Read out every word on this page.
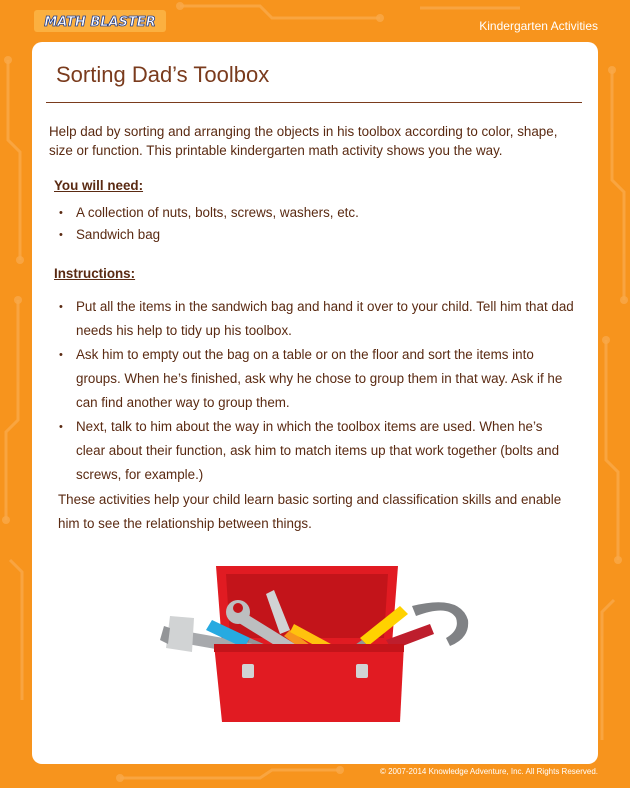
MATH BLASTER	Kindergarten Activities
Sorting Dad’s Toolbox

Help dad by sorting and arranging the objects in his toolbox according to color, shape, size or function. This printable kindergarten math activity shows you the way.

You will need:
• A collection of nuts, bolts, screws, washers, etc.
• Sandwich bag
Instructions:
• Put all the items in the sandwich bag and hand it over to your child. Tell him that dad needs his help to tidy up his toolbox.
• Ask him to empty out the bag on a table or on the floor and sort the items into groups. When he’s finished, ask why he chose to group them in that way. Ask if he can find another way to group them.
• Next, talk to him about the way in which the toolbox items are used. When he’s clear about their function, ask him to match items up that work together (bolts and screws, for example.)

These activities help your child learn basic sorting and classification skills and enable him to see the relationship between things.

© 2007-2014 Knowledge Adventure, Inc. All Rights Reserved.
